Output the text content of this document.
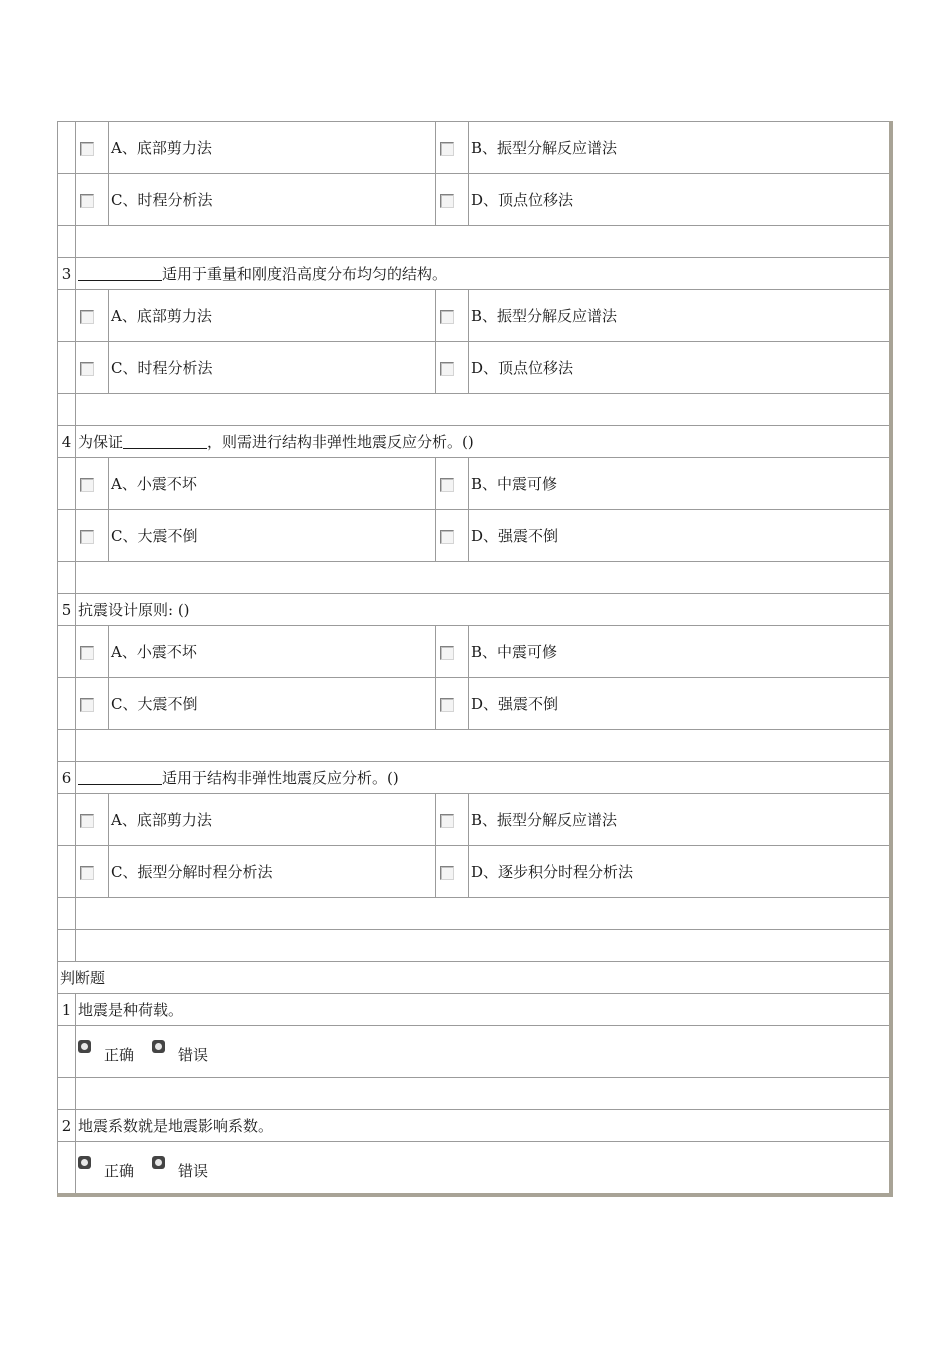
		A、底部剪力法		B、振型分解反应谱法
		C、时程分析法		D、顶点位移法

3	适用于重量和刚度沿高度分布均匀的结构。			
		A、底部剪力法		B、振型分解反应谱法
		C、时程分析法		D、顶点位移法

4	为保证 ，则需进行结构非弹性地震反应分析。()			
		A、小震不坏		B、中震可修
		C、大震不倒		D、强震不倒

5	抗震设计原则: ()			
		A、小震不坏		B、中震可修
		C、大震不倒		D、强震不倒

6	适用于结构非弹性地震反应分析。()			
		A、底部剪力法		B、振型分解反应谱法
		C、振型分解时程分析法		D、逐步积分时程分析法

判断题				
1	地震是种荷载。			

	正确 错误			

2	地震系数就是地震影响系数。			

	正确 错误			
